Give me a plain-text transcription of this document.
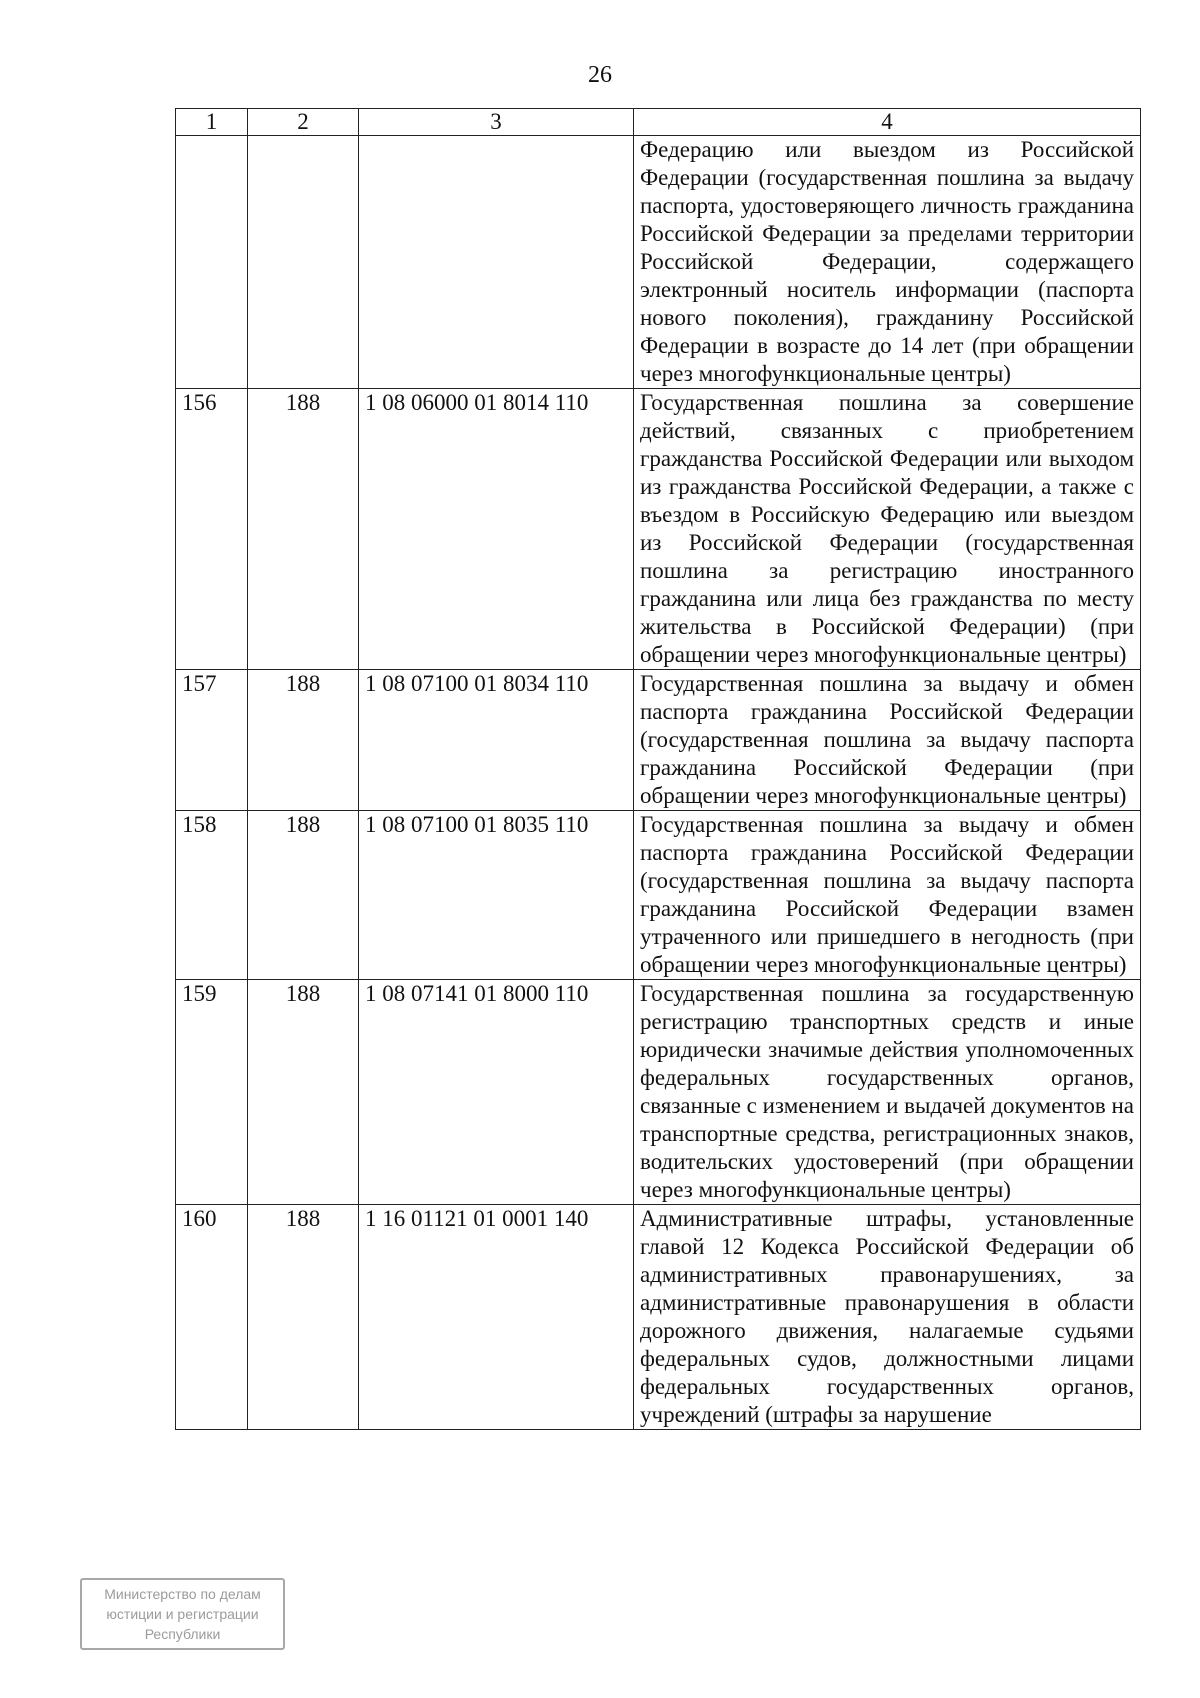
26
1	2	3	4
			Федерацию или выездом из Российской Федерации (государственная пошлина за выдачу паспорта, удостоверяющего личность гражданина Российской Федерации за пределами территории Российской Федерации, содержащего электронный носитель информации (паспорта нового поколения), гражданину Российской Федерации в возрасте до 14 лет (при обращении через многофункциональные центры)
156	188	1 08 06000 01 8014 110	Государственная пошлина за совершение действий, связанных с приобретением гражданства Российской Федерации или выходом из гражданства Российской Федерации, а также с въездом в Российскую Федерацию или выездом из Российской Федерации (государственная пошлина за регистрацию иностранного гражданина или лица без гражданства по месту жительства в Российской Федерации) (при обращении через многофункциональные центры)
157	188	1 08 07100 01 8034 110	Государственная пошлина за выдачу и обмен паспорта гражданина Российской Федерации (государственная пошлина за выдачу паспорта гражданина Российской Федерации (при обращении через многофункциональные центры)
158	188	1 08 07100 01 8035 110	Государственная пошлина за выдачу и обмен паспорта гражданина Российской Федерации (государственная пошлина за выдачу паспорта гражданина Российской Федерации взамен утраченного или пришедшего в негодность (при обращении через многофункциональные центры)
159	188	1 08 07141 01 8000 110	Государственная пошлина за государственную регистрацию транспортных средств и иные юридически значимые действия уполномоченных федеральных государственных органов, связанные с изменением и выдачей документов на транспортные средства, регистрационных знаков, водительских удостоверений (при обращении через многофункциональные центры)
160	188	1 16 01121 01 0001 140	Административные штрафы, установленные главой 12 Кодекса Российской Федерации об административных правонарушениях, за административные правонарушения в области дорожного движения, налагаемые судьями федеральных судов, должностными лицами федеральных государственных органов, учреждений (штрафы за нарушение
Министерство по делам
юстиции и регистрации
Республики
